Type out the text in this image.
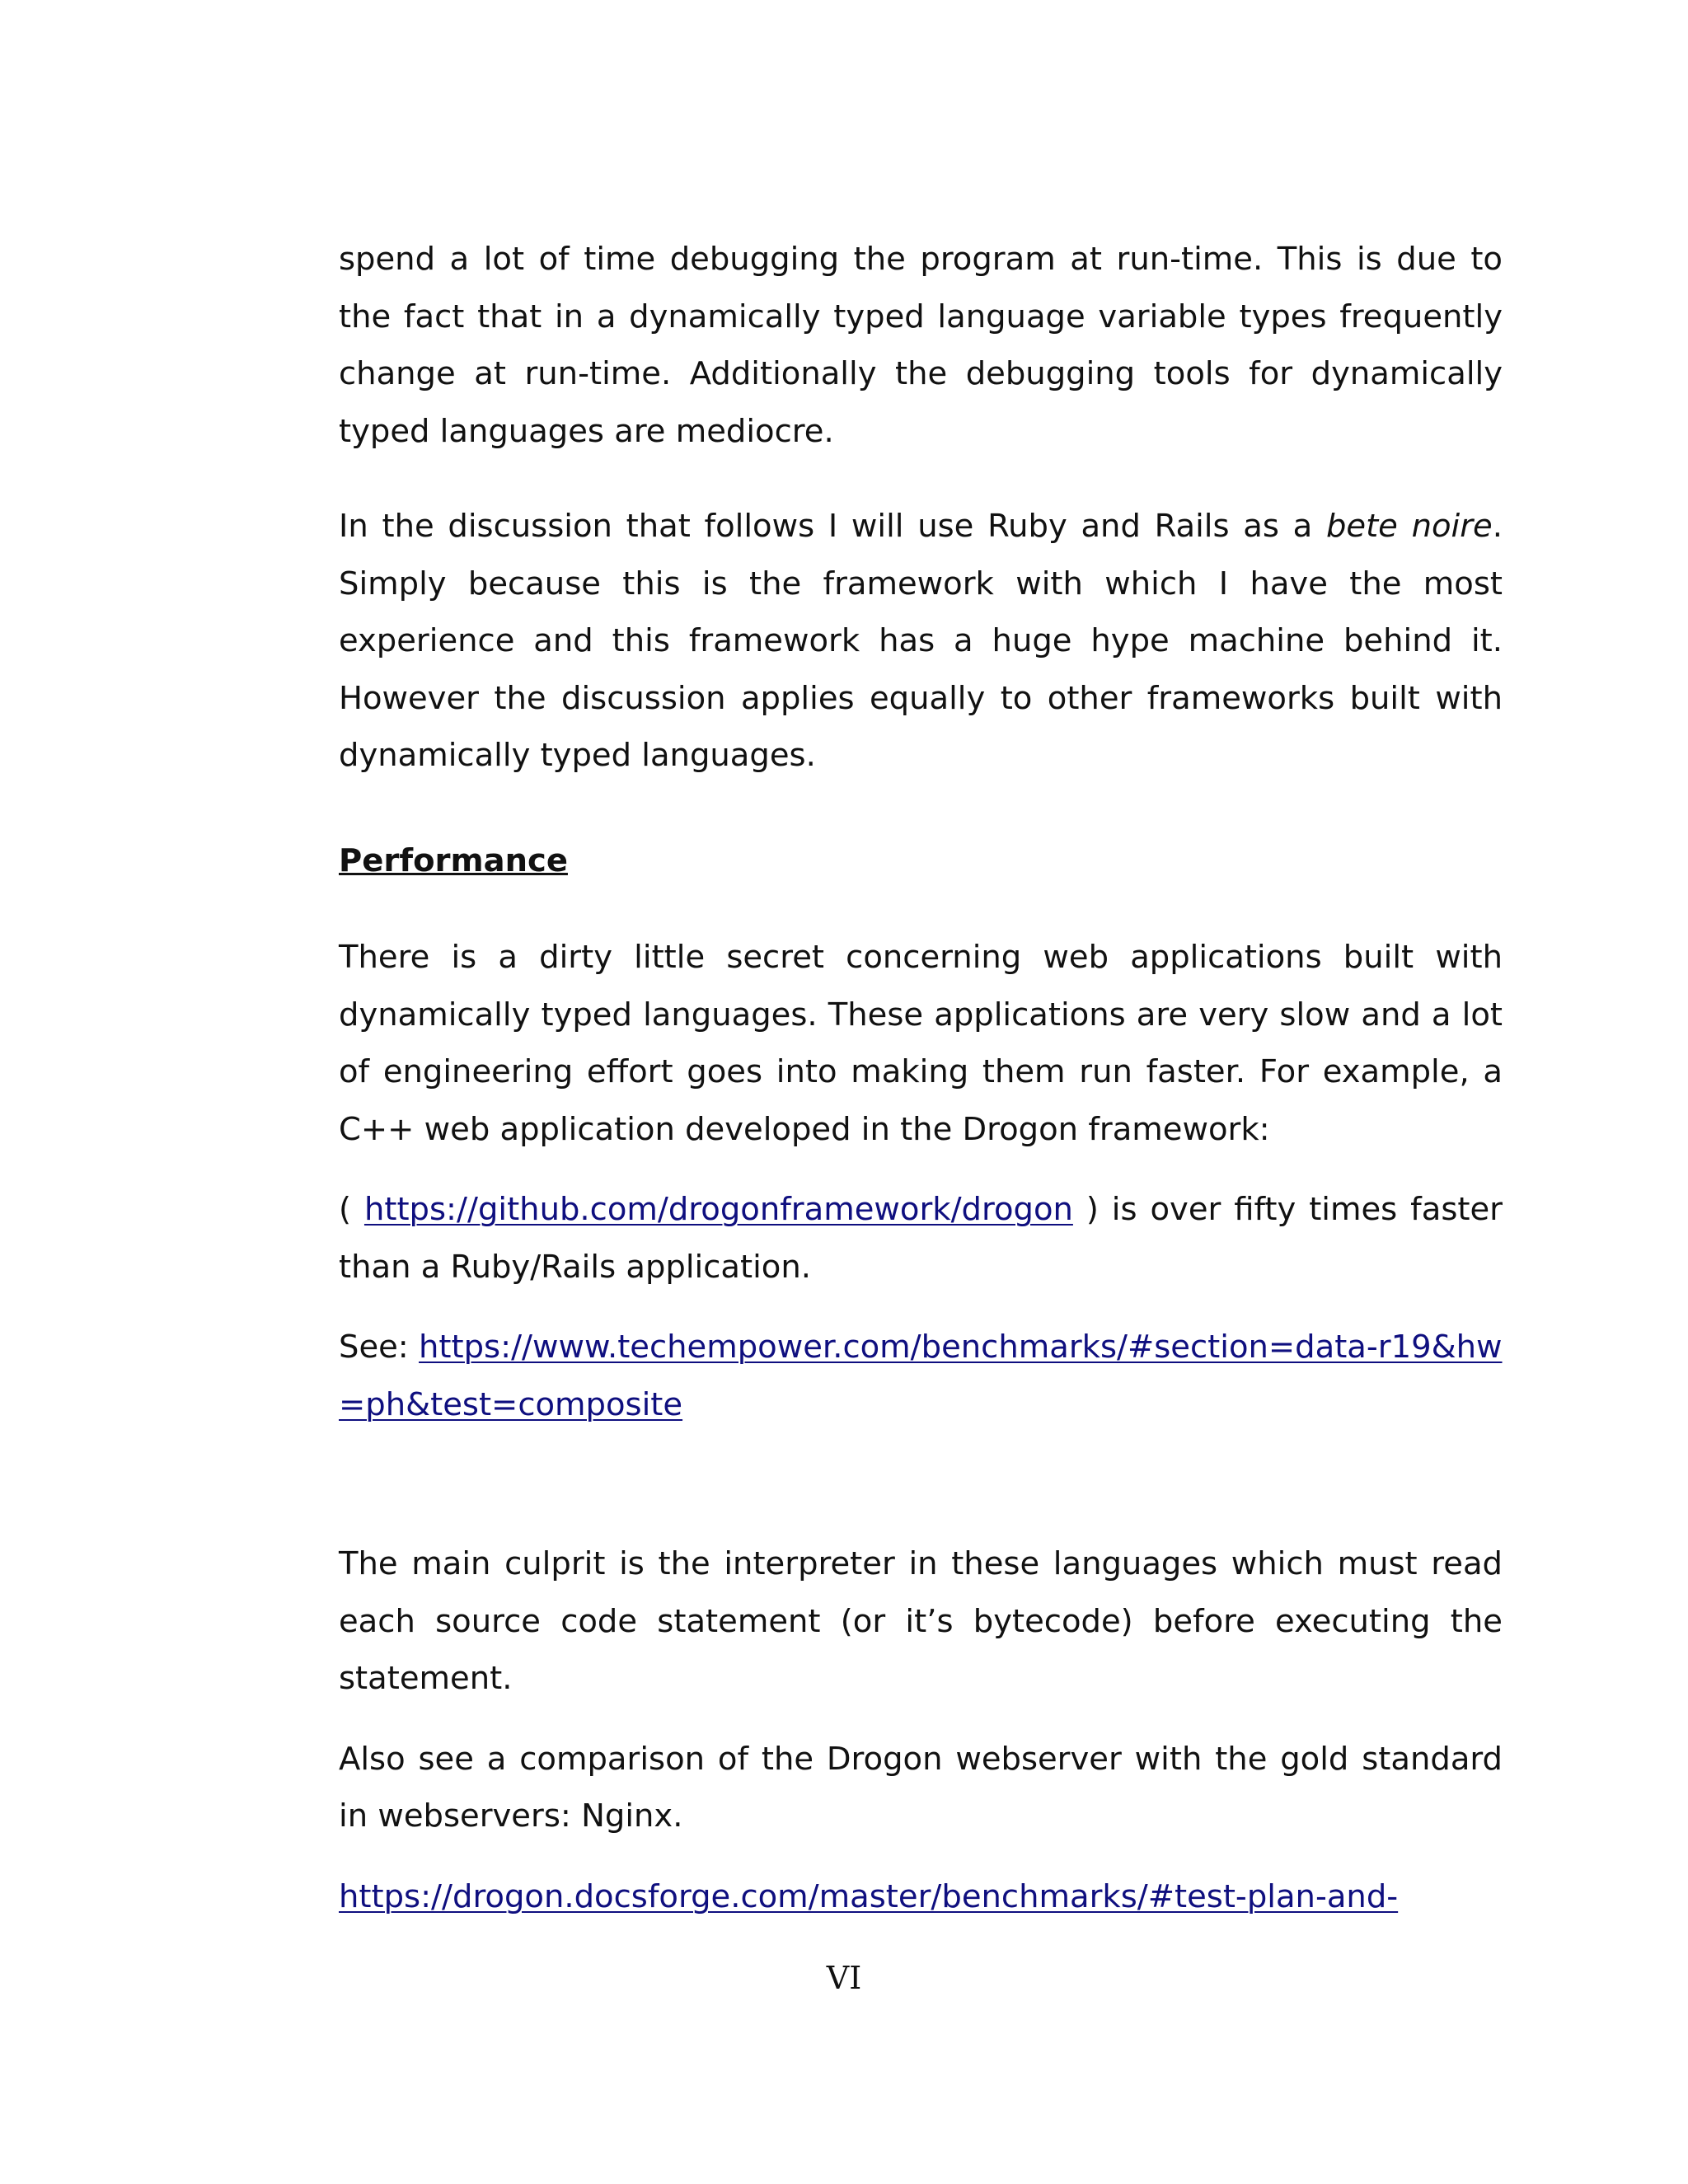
spend a lot of time debugging the program at run-time. This is due to the fact that in a dynamically typed language variable types frequently change at run-time. Additionally the debugging tools for dynamically typed languages are mediocre.

In the discussion that follows I will use Ruby and Rails as a bete noire. Simply because this is the framework with which I have the most experience and this framework has a huge hype machine behind it. However the discussion applies equally to other frameworks built with dynamically typed languages.

Performance

There is a dirty little secret concerning web applications built with dynamically typed languages. These applications are very slow and a lot of engineering effort goes into making them run faster. For example, a C++ web application developed in the Drogon framework:

( https://github.com/drogonframework/drogon ) is over fifty times faster than a Ruby/Rails application.

See: https://www.techempower.com/benchmarks/#section=data-r19&hw=ph&test=composite

The main culprit is the interpreter in these languages which must read each source code statement (or it’s bytecode) before executing the statement.

Also see a comparison of the Drogon webserver with the gold standard in webservers: Nginx.

https://drogon.docsforge.com/master/benchmarks/#test-plan-and-

VI
